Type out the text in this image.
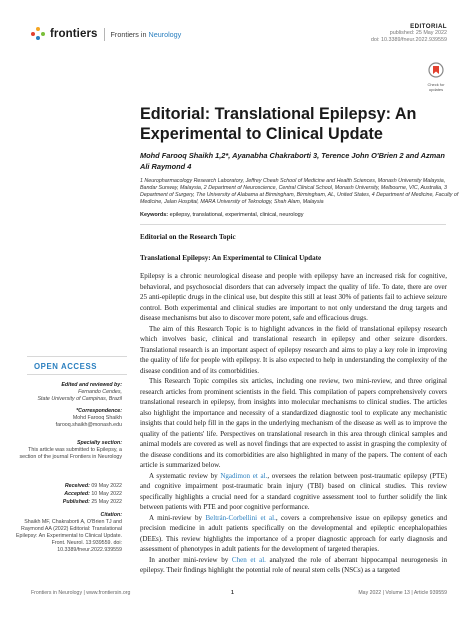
frontiers Frontiers in Neurology
EDITORIAL
published: 25 May 2022
doi: 10.3389/fneur.2022.939559
Check for updates
Editorial: Translational Epilepsy: An Experimental to Clinical Update
Mohd Farooq Shaikh 1,2*, Ayanabha Chakraborti 3, Terence John O'Brien 2 and Azman Ali Raymond 4

1 Neuropharmacology Research Laboratory, Jeffrey Cheah School of Medicine and Health Sciences, Monash University Malaysia, Bandar Sunway, Malaysia, 2 Department of Neuroscience, Central Clinical School, Monash University, Melbourne, VIC, Australia, 3 Department of Surgery, The University of Alabama at Birmingham, Birmingham, AL, United States, 4 Department of Medicine, Faculty of Medicine, Jalan Hospital, MARA University of Teknology, Shah Alam, Malaysia

Keywords: epilepsy, translational, experimental, clinical, neurology
Editorial on the Research Topic
Translational Epilepsy: An Experimental to Clinical Update

Epilepsy is a chronic neurological disease and people with epilepsy have an increased risk for cognitive, behavioral, and psychosocial disorders that can adversely impact the quality of life. To date, there are over 25 anti-epileptic drugs in the clinical use, but despite this still at least 30% of patients fail to achieve seizure control. Both experimental and clinical studies are important to not only understand the drug targets and disease mechanisms but also to discover more potent, safe and efficacious drugs.

The aim of this Research Topic is to highlight advances in the field of translational epilepsy research which involves basic, clinical and translational research in epilepsy and other seizure disorders. Translational research is an important aspect of epilepsy research and aims to play a key role in improving the quality of life for people with epilepsy. It is also expected to help in understanding the complexity of the disease condition and of its comorbidities.

This Research Topic compiles six articles, including one review, two mini-review, and three original research articles from prominent scientists in the field. This compilation of papers comprehensively covers translational research in epilepsy, from insights into molecular mechanisms to clinical studies. The articles also highlight the importance and necessity of a standardized diagnostic tool to explicate any mechanistic insights that could help fill in the gaps in the underlying mechanism of the disease as well as to improve the quality of the patients' life. Perspectives on translational research in this area through clinical samples and animal models are covered as well as novel findings that are expected to assist in grasping the complexity of the disease conditions and its comorbidities are also highlighted in many of the papers. The content of each article is summarized below.

A systematic review by Ngadimon et al., oversees the relation between post-traumatic epilepsy (PTE) and cognitive impairment post-traumatic brain injury (TBI) based on clinical studies. This review specifically highlights a crucial need for a standard cognitive assessment tool to further solidify the link between patients with PTE and poor cognitive performance.

A mini-review by Beltrán-Corbellini et al., covers a comprehensive issue on epilepsy genetics and precision medicine in adult patients specifically on the developmental and epileptic encephalopathies (DEEs). This review highlights the importance of a proper diagnostic approach for early diagnosis and assessment of phenotypes in adult patients for the development of targeted therapies.

In another mini-review by Chen et al. analyzed the role of aberrant hippocampal neurogenesis in epilepsy. Their findings highlight the potential role of neural stem cells (NSCs) as a targeted

OPEN ACCESS
Edited and reviewed by:
Fernando Cendes,
State University of Campinas, Brazil
*Correspondence:
Mohd Farooq Shaikh
farooq.shaikh@monash.edu
Specialty section:
This article was submitted to Epilepsy, a section of the journal Frontiers in Neurology
Received: 09 May 2022
Accepted: 10 May 2022
Published: 25 May 2022
Citation:
Shaikh MF, Chakraborti A, O'Brien TJ and Raymond AA (2022) Editorial: Translational Epilepsy: An Experimental to Clinical Update. Front. Neurol. 13:939559. doi: 10.3389/fneur.2022.939559
Frontiers in Neurology | www.frontiersin.org	1	May 2022 | Volume 13 | Article 939559
